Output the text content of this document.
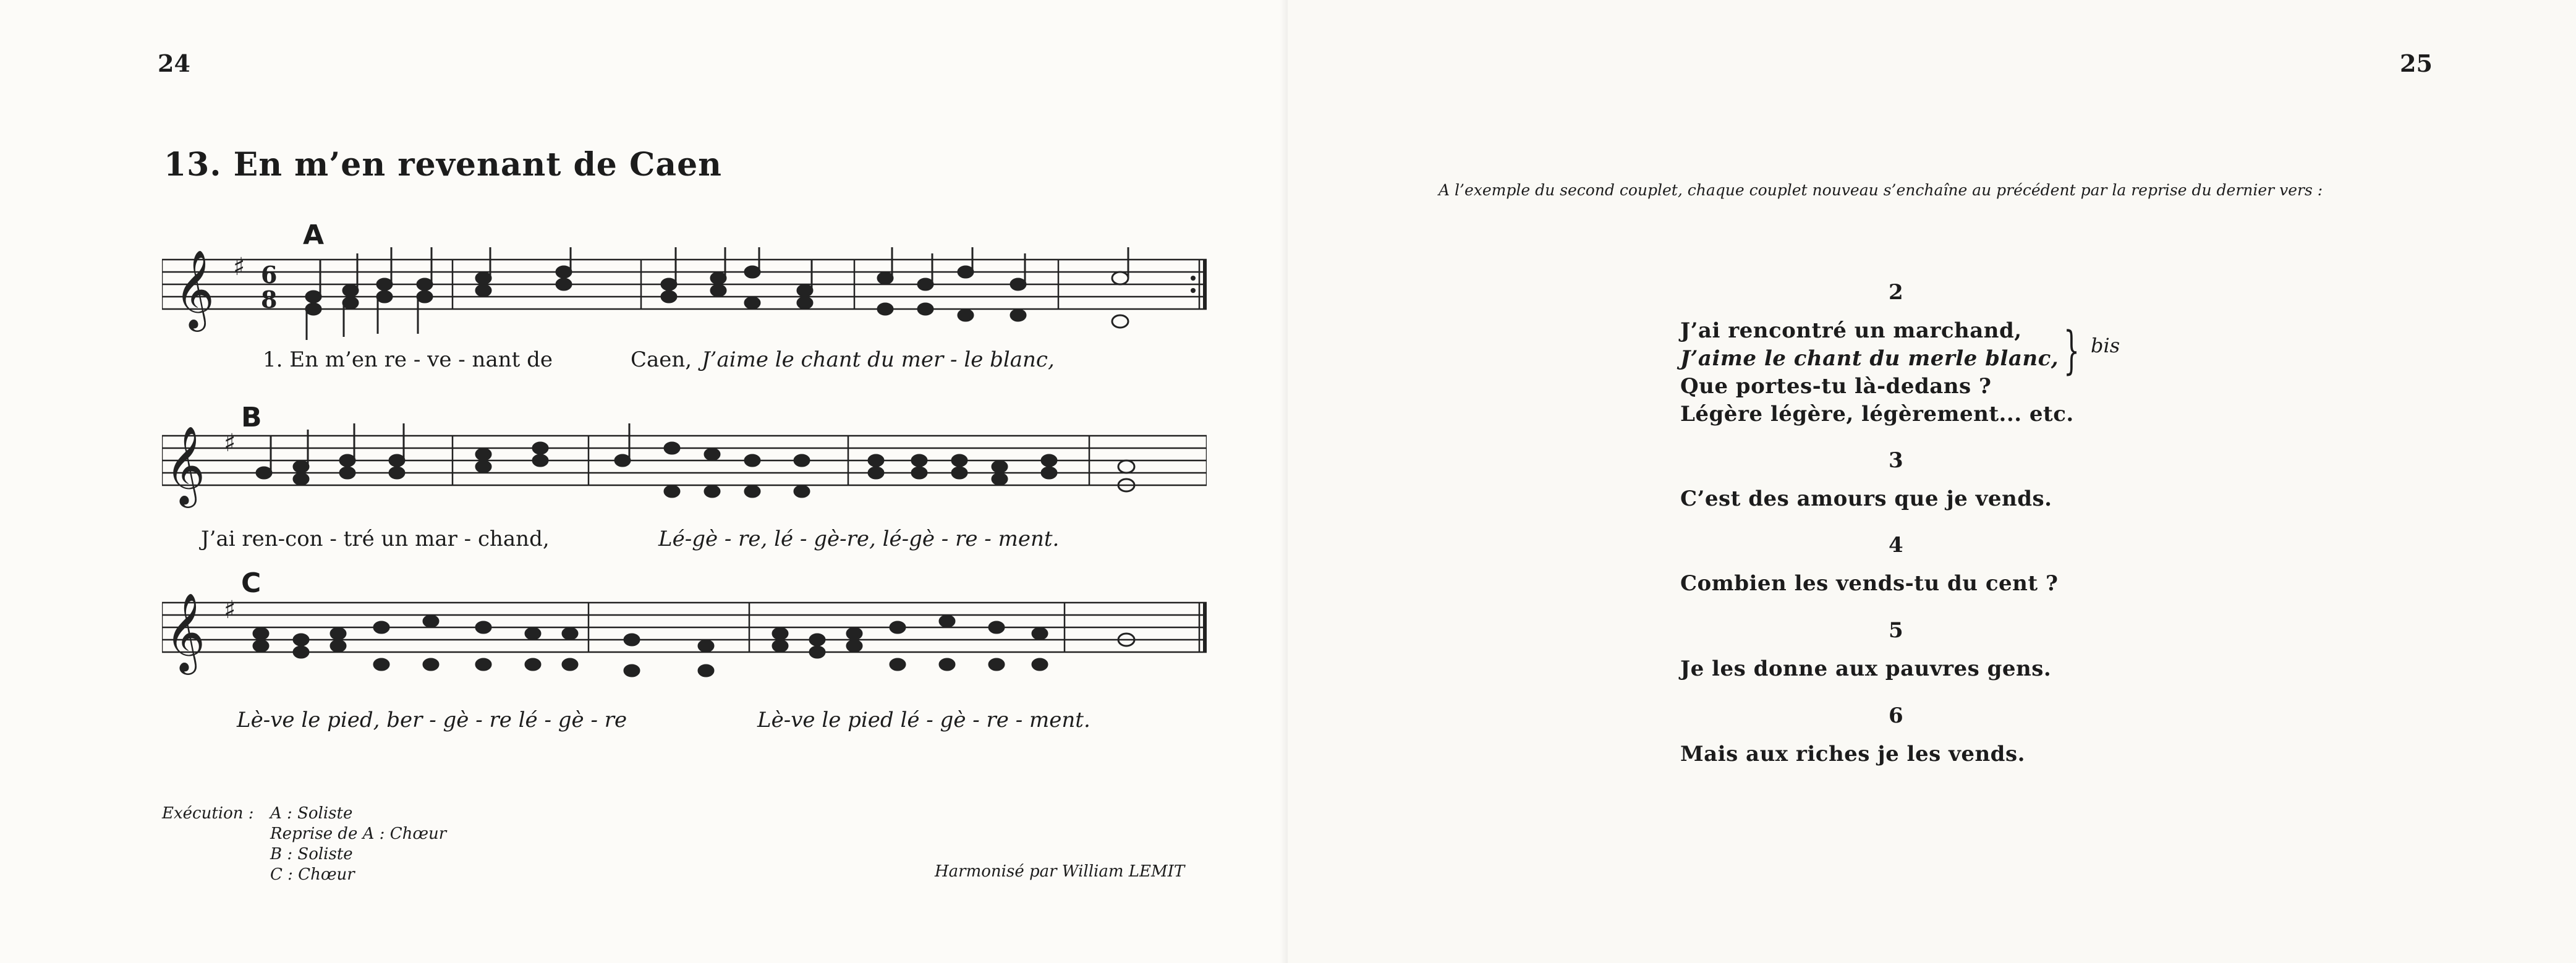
24
13. En m’en revenant de Caen
A
𝄞 ♯ 6
8
1. En m’en re - ve - nant de	Caen, J’aime le chant du mer - le blanc,
B
𝄞 ♯
J’ai ren-con - tré un mar - chand,	Lé-gè - re, lé - gè-re, lé-gè - re - ment.
C
𝄞 ♯
Lè-ve le pied, ber - gè - re lé - gè - re	Lè-ve le pied lé - gè - re - ment.
Exécution : A : Soliste
Reprise de A : Chœur
B : Soliste
C : Chœur	Harmonisé par William LEMIT
25
A l’exemple du second couplet, chaque couplet nouveau s’enchaîne au précédent par la reprise du dernier vers :
2
J’ai rencontré un marchand,
J’aime le chant du merle blanc,
Que portes-tu là-dedans ?
Légère légère, légèrement... etc.
} bis
3
C’est des amours que je vends.
4
Combien les vends-tu du cent ?
5
Je les donne aux pauvres gens.
6
Mais aux riches je les vends.
